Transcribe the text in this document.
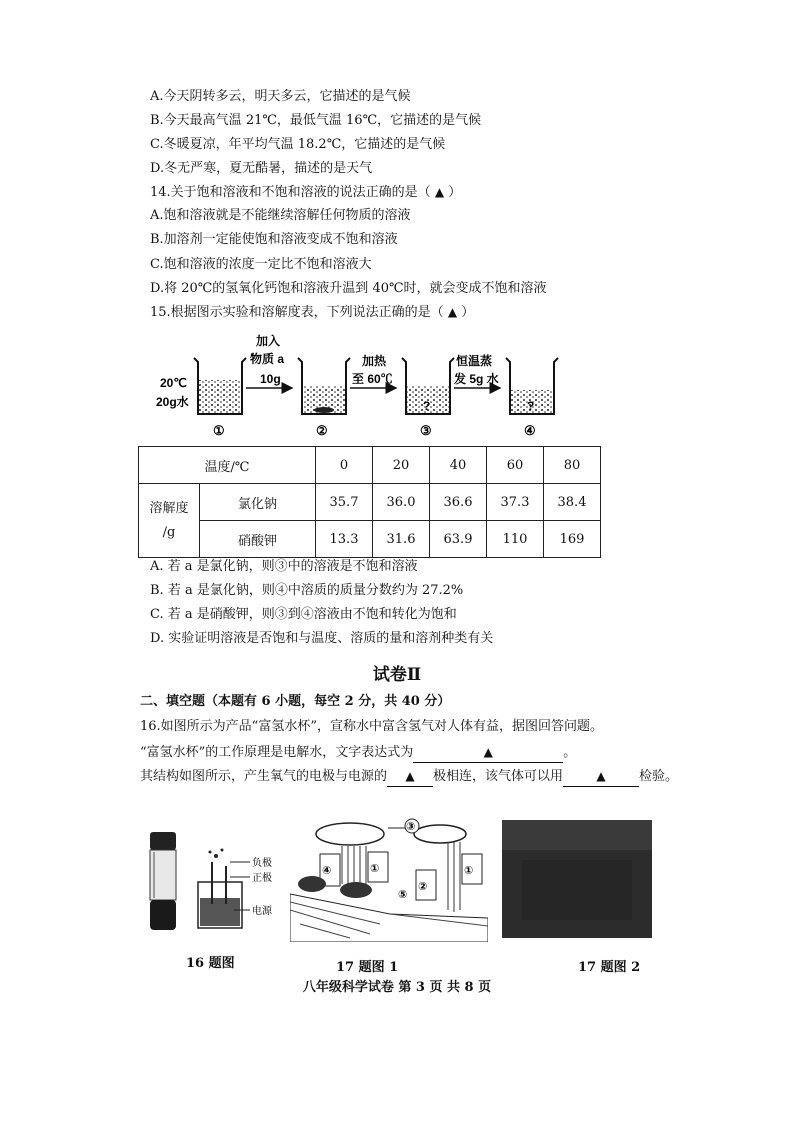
A.今天阴转多云，明天多云，它描述的是气候
B.今天最高气温 21℃，最低气温 16℃，它描述的是气候
C.冬暖夏凉，年平均气温 18.2℃，它描述的是气候
D.冬无严寒，夏无酷暑，描述的是天气
14.关于饱和溶液和不饱和溶液的说法正确的是（ ▲ ）
A.饱和溶液就是不能继续溶解任何物质的溶液
B.加溶剂一定能使饱和溶液变成不饱和溶液
C.饱和溶液的浓度一定比不饱和溶液大
D.将 20℃的氢氧化钙饱和溶液升温到 40℃时，就会变成不饱和溶液
15.根据图示实验和溶解度表，下列说法正确的是（ ▲ ）
20℃
20g水
①
加入
物质 a
10g
②
加热
至 60℃
?
③
恒温蒸
发 5g 水
?
④
温度/℃		0	20	40	60	80

溶解度
/g	氯化钠	35.7	36.0	36.6	37.3	38.4
	硝酸钾	13.3	31.6	63.9	110	169
A. 若 a 是氯化钠，则③中的溶液是不饱和溶液
B. 若 a 是氯化钠，则④中溶质的质量分数约为 27.2%
C. 若 a 是硝酸钾，则③到④溶液由不饱和转化为饱和
D. 实验证明溶液是否饱和与温度、溶质的量和溶剂种类有关
试卷Ⅱ
二、填空题（本题有 6 小题，每空 2 分，共 40 分）
16.如图所示为产品“富氢水杯”，宣称水中富含氢气对人体有益，据图回答问题。
“富氢水杯”的工作原理是电解水，文字表达式为	▲	。
其结构如图所示，产生氧气的电极与电源的 ▲ 极相连，该气体可以用	▲	检验。
负极
正极
电源
③
①
④
②
①
⑤
16 题图	17 题图 1	17 题图 2
八年级科学试卷 第 3 页 共 8 页
